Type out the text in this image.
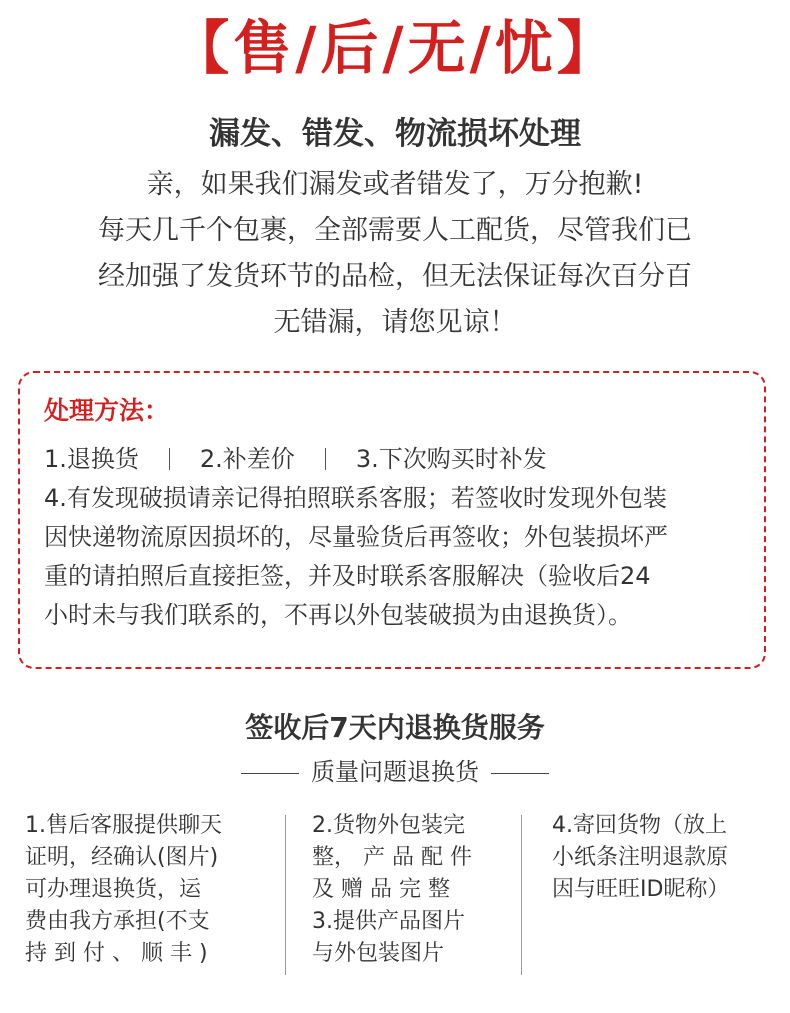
【售/后/无/忧】
漏发、错发、物流损坏处理
亲，如果我们漏发或者错发了，万分抱歉!
每天几千个包裹，全部需要人工配货，尽管我们已
经加强了发货环节的品检，但无法保证每次百分百
无错漏，请您见谅！
处理方法：
1.退换货	2.补差价	3.下次购买时补发
4.有发现破损请亲记得拍照联系客服；若签收时发现外包装
因快递物流原因损坏的，尽量验货后再签收；外包装损坏严
重的请拍照后直接拒签，并及时联系客服解决（验收后24
小时未与我们联系的，不再以外包装破损为由退换货）。
签收后7天内退换货服务
质量问题退换货
1.售后客服提供聊天
证明，经确认(图片)
可办理退换货，运
费由我方承担(不支
持 到 付 、 顺 丰 )
2.货物外包装完
整， 产 品 配 件
及 赠 品 完 整
3.提供产品图片
与外包装图片
4.寄回货物（放上
小纸条注明退款原
因与旺旺ID昵称）
